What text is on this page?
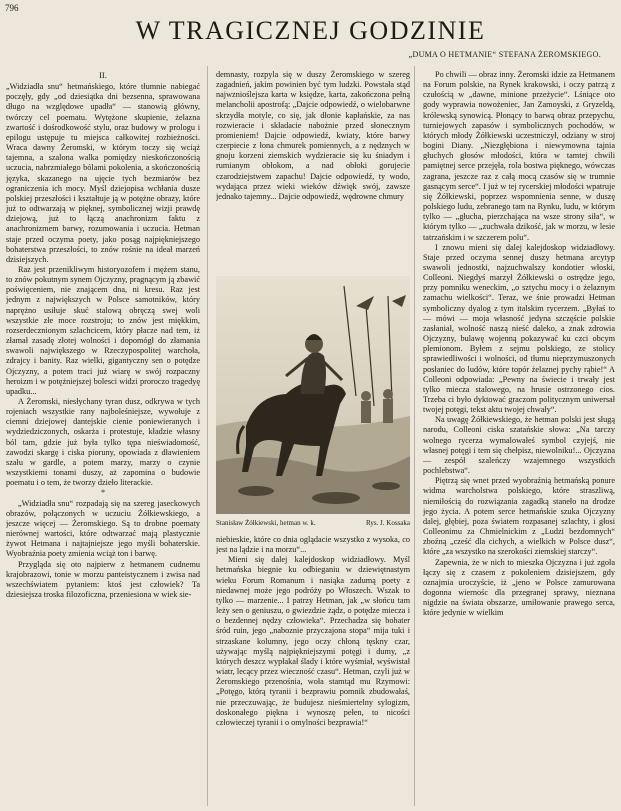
796
W TRAGICZNEJ GODZINIE
„DUMA O HETMANIE“ STEFANA ŻEROMSKIEGO.
II.

„Widziadła snu“ hetmańskiego, które tłumnie nabiegać poczęły, gdy „od dziesiątka dni bezsenna, sprawowana długo na względowe upadła“ — stanowią główny, twórczy cel poematu. Wytężone skupienie, żelazna zwartość i dośrodkowość stylu, oraz budowy w prologu i epilogu ustępuje tu miejsca całkowitej rozbieżności. Wraca dawny Żeromski, w którym toczy się wciąż tajemna, a szalona walka pomiędzy nieskończonością uczucia, nabrzmiałego bólami pokolenia, a skończonością języka, skazanego na ujęcie tych bezmiarów bez ograniczenia ich mocy. Myśl dziejopisa wchłania dusze polskiej przeszłości i kształtuje ją w potężne obrazy, które już to odtwarzają w pięknej, symbolicznej wizji prawdę dziejową, już to łączą anachronizm faktu z anachronizmem barwy, rozumowania i uczucia. Hetman staje przed oczyma poety, jako posąg najpiękniejszego bohaterstwa przeszłości, to znów rośnie na ideał marzeń dzisiejszych.

Raz jest przenikliwym historyozofem i mężem stanu, to znów pokutnym synem Ojczyzny, pragnącym ją zbawić poświęceniem, nie znającem dna, ni kresu. Raz jest jednym z największych w Polsce samotników, który naprężno usiłuje skuć stalową obręczą swej woli wszystkie złe moce rozstroju; to znów jest miękkim, rozserdecznionym szlachcicem, który płacze nad tem, iż złamał zasadę złotej wolności i dopomógł do złamania swawoli największego w Rzeczypospolitej warchoła, zdrajcy i banity. Raz wielki, gigantyczny sen o potędze Ojczyzny, a potem traci już wiarę w swój rozpaczny heroizm i w potężniejszej bolesci widzi proroczo tragedyę upadku...

A Żeromski, niesłychany tyran dusz, odkrywa w tych rojeniach wszystkie rany najboleśniejsze, wywołuje z ciemni dziejowej dantejskie cienie poniewieranych i wydziedziczonych, oskarża i protestuje, kładzie własny ból tam, gdzie już była tylko tępa nieświadomość, zawodzi skargę i ciska pioruny, opowiada z dławieniem szału w gardle, a potem marzy, marzy o czynie wszystkiemi tonami duszy, aż zapomina o budowie poematu i o tem, że tworzy dzieło literackie.

*

„Widziadła snu“ rozpadają się na szereg jaseckowych obrazów, połączonych w uczuciu Żółkiewskiego, a jeszcze więcej — Żeromskiego. Są to drobne poematy nierównej wartości, które odtwarzać mają plastycznie żywot Hetmana i najtajniejsze jego myśli bohaterskie. Wyobraźnia poety zmienia wciąż ton i barwę.

Przygląda się oto najpierw z hetmanem cudnemu krajobrazowi, tonie w morzu panteistycznem i zwisa nad wszechświatem pytaniem: ktoś jest człowiek? Ta dziesiejsza troska filozoficzna, przeniesiona w wiek sie-

demnasty, rozpyla się w duszy Żeromskiego w szereg zagadnień, jakim powinien być tym ludzki. Powstała stąd najwznioślejsza karta w księdze, karta, zakończona pełną melancholii apostrofą: „Dajcie odpowiedź, o wielobarwne skrzydła motyle, co się, jak dłonie kapłańskie, za nas rozwieracie i składacie nabożnie przed słonecznym promieniem! Dajcie odpowiedź, kwiaty, które barwy czerpiecie z łona chmurek pomiennych, a z nędznych w gnoju korzeni ziemskich wydzieracie się ku śniadym i rumianym obłokom, a nad obłoki gorujecie czarodziejstwem zapachu! Dajcie odpowiedź, ty wodo, wydająca przez wieki wieków dźwięk swój, zawsze jednako tajemny... Dajcie odpowiedź, wędrowne chmury

Stanisław Żółkiewski, hetman w. k.	Rys. J. Kossaka

niebieskie, które co dnia oglądacie wszystko z wysoka, co jest na lądzie i na morzu“...

Mieni się dalej kalejdoskop widziadłowy. Myśl hetmańska biegnie ku odbieganiu w dziewiętnastym wieku Forum Romanum i nasiąka zadumą poety z niedawnej może jego podróży po Włoszech. Wszak to tylko — marzenie... I patrzy Hetman, jak „w słońcu tam leży sen o geniuszu, o gwiezdzie żądz, o potędze miecza i o bezdennej nędzy człowieka“. Przechadza się bohater śród ruin, jego „naboznie przyczajona stopa“ mija tuki i strzaskane kolumny, jego oczy chłoną tęskny czar, używając myślą najpiękniejszymi potęgi i dumy, „z których deszcz wypłakał ślady i które wyśmiał, wyświstał wiatr, lecący przez wieczność czasu“. Hetman, czyli już w Żeromskiego przenośnia, woła stamtąd mu Rzymowi: „Potęgo, którą tyranii i bezprawiu pomnik zbudowałaś, nie przeczuwając, że budujesz nieśmiertelny sylogizm, doskonałego piękna i wynoszę pełen, to nicości człowieczej tyranii i o omylności bezprawia!“

Po chwili — obraz inny. Żeromski idzie za Hetmanem na Forum polskie, na Rynek krakowski, i oczy patrzą z czułością w „dawne, minione przeżycie“. Lśniące oto gody wyprawia nowożeniec, Jan Zamoyski, z Gryzeldą, królewską synowicą. Płonący to barwą obraz przepychu, turniejowych zapasów i symbolicznych pochodów, w których młody Żółkiewski uczestniczył, odziany w stroj bogini Diany. „Niezgłębiona i niewymowna tajnia głuchych głosów młodości, która w tamtej chwili pamiętnej serce przejęła, rola bostwa pięknego, wówczas zagrana, jeszcze raz z całą mocą czasów się w trumnie gasnącym serce“. I już w tej rycerskiej młodości wpatruje się Żółkiewski, poprzez wspomnienia senne, w duszę polskiego ludu, zebranego tam na Rynku, ludu, w którym tylko — „głucha, pierzchająca na wsze strony siła“, w którym tylko — „zuchwała dzikość, jak w morzu, w lesie tatrzańskim i w szczerem polu“.

I znowu mieni się dalej kalejdoskop widziadłowy. Staje przed oczyma sennej duszy hetmana arcytyp swawoli jednostki, najzuchwalszy kondotier włoski, Colleoni. Niegdyś marzył Żółkiewski o ostrędze jego, przy pomniku weneckim, „o sztychu mocy i o żelaznym zamachu wielkości“. Teraz, we śnie prowadzi Hetman symboliczny dyalog z tym italskim rycerzem. „Byłaś to — mówi — moja własność jedyna szczęście polskie zasłaniał, wolność naszą nieść daleko, a znak zdrowia Ojczyzny, bulawę wojenną pokazywać ku czci obcym plemionom. Byłem z sejmu polskiego, ze stolicy sprawiedliwości i wolności, od tłumu nieprzymuszonych posłaniec do ludów, które topór żelaznej pychy rąbie!“ A Colleoni odpowiada: „Pewny na świecie i trwały jest tylko miecza stalowego, na hrusie ostrzonego cios. Trzeba ci było dyktować graczom politycznym uniwersał twojej potęgi, tekst aktu twojej chwały“.

Na uwagę Żółkiewskiego, że hetman polski jest sługą narodu, Colleoni ciska szatańskie słowa: „Na tarczy wolnego rycerza wymalowałeś symbol czyjejś, nie własnej potęgi i tem się chełpisz, niewolniku!... Ojczyzna — zespół szaleńczy wzajemnego wszystkich pochlebstwa“.

Piętrzą się wnet przed wyobraźnią hetmańską ponure widma warcholstwa polskiego, które straszliwą, niemiłością do rozwiązania zagadką staneło na drodze jego życia. A potem serce hetmańskie szuka Ojczyzny dalej, głębiej, poza światem rozpasanej szlachty, i głosi Colleonimu za Chmielnickim z „Ludzi bezdomnych“ zboźną „cześć dla cichych, a wielkich w Polsce dusz“, które „za wszystko na szerokości ziemskiej starczy“.

Zapewnia, że w nich to mieszka Ojczyzna i już zgoła łączy się z czasem z pokoleniem dzisiejszem, gdy oznajmia uroczyście, iż „jeno w Polsce zamurowana dogonna wiernośc dla przegranej sprawy, nieznana nigdzie na świata obszarze, umiłowanie prawego serca, które jedynie w wielkim
